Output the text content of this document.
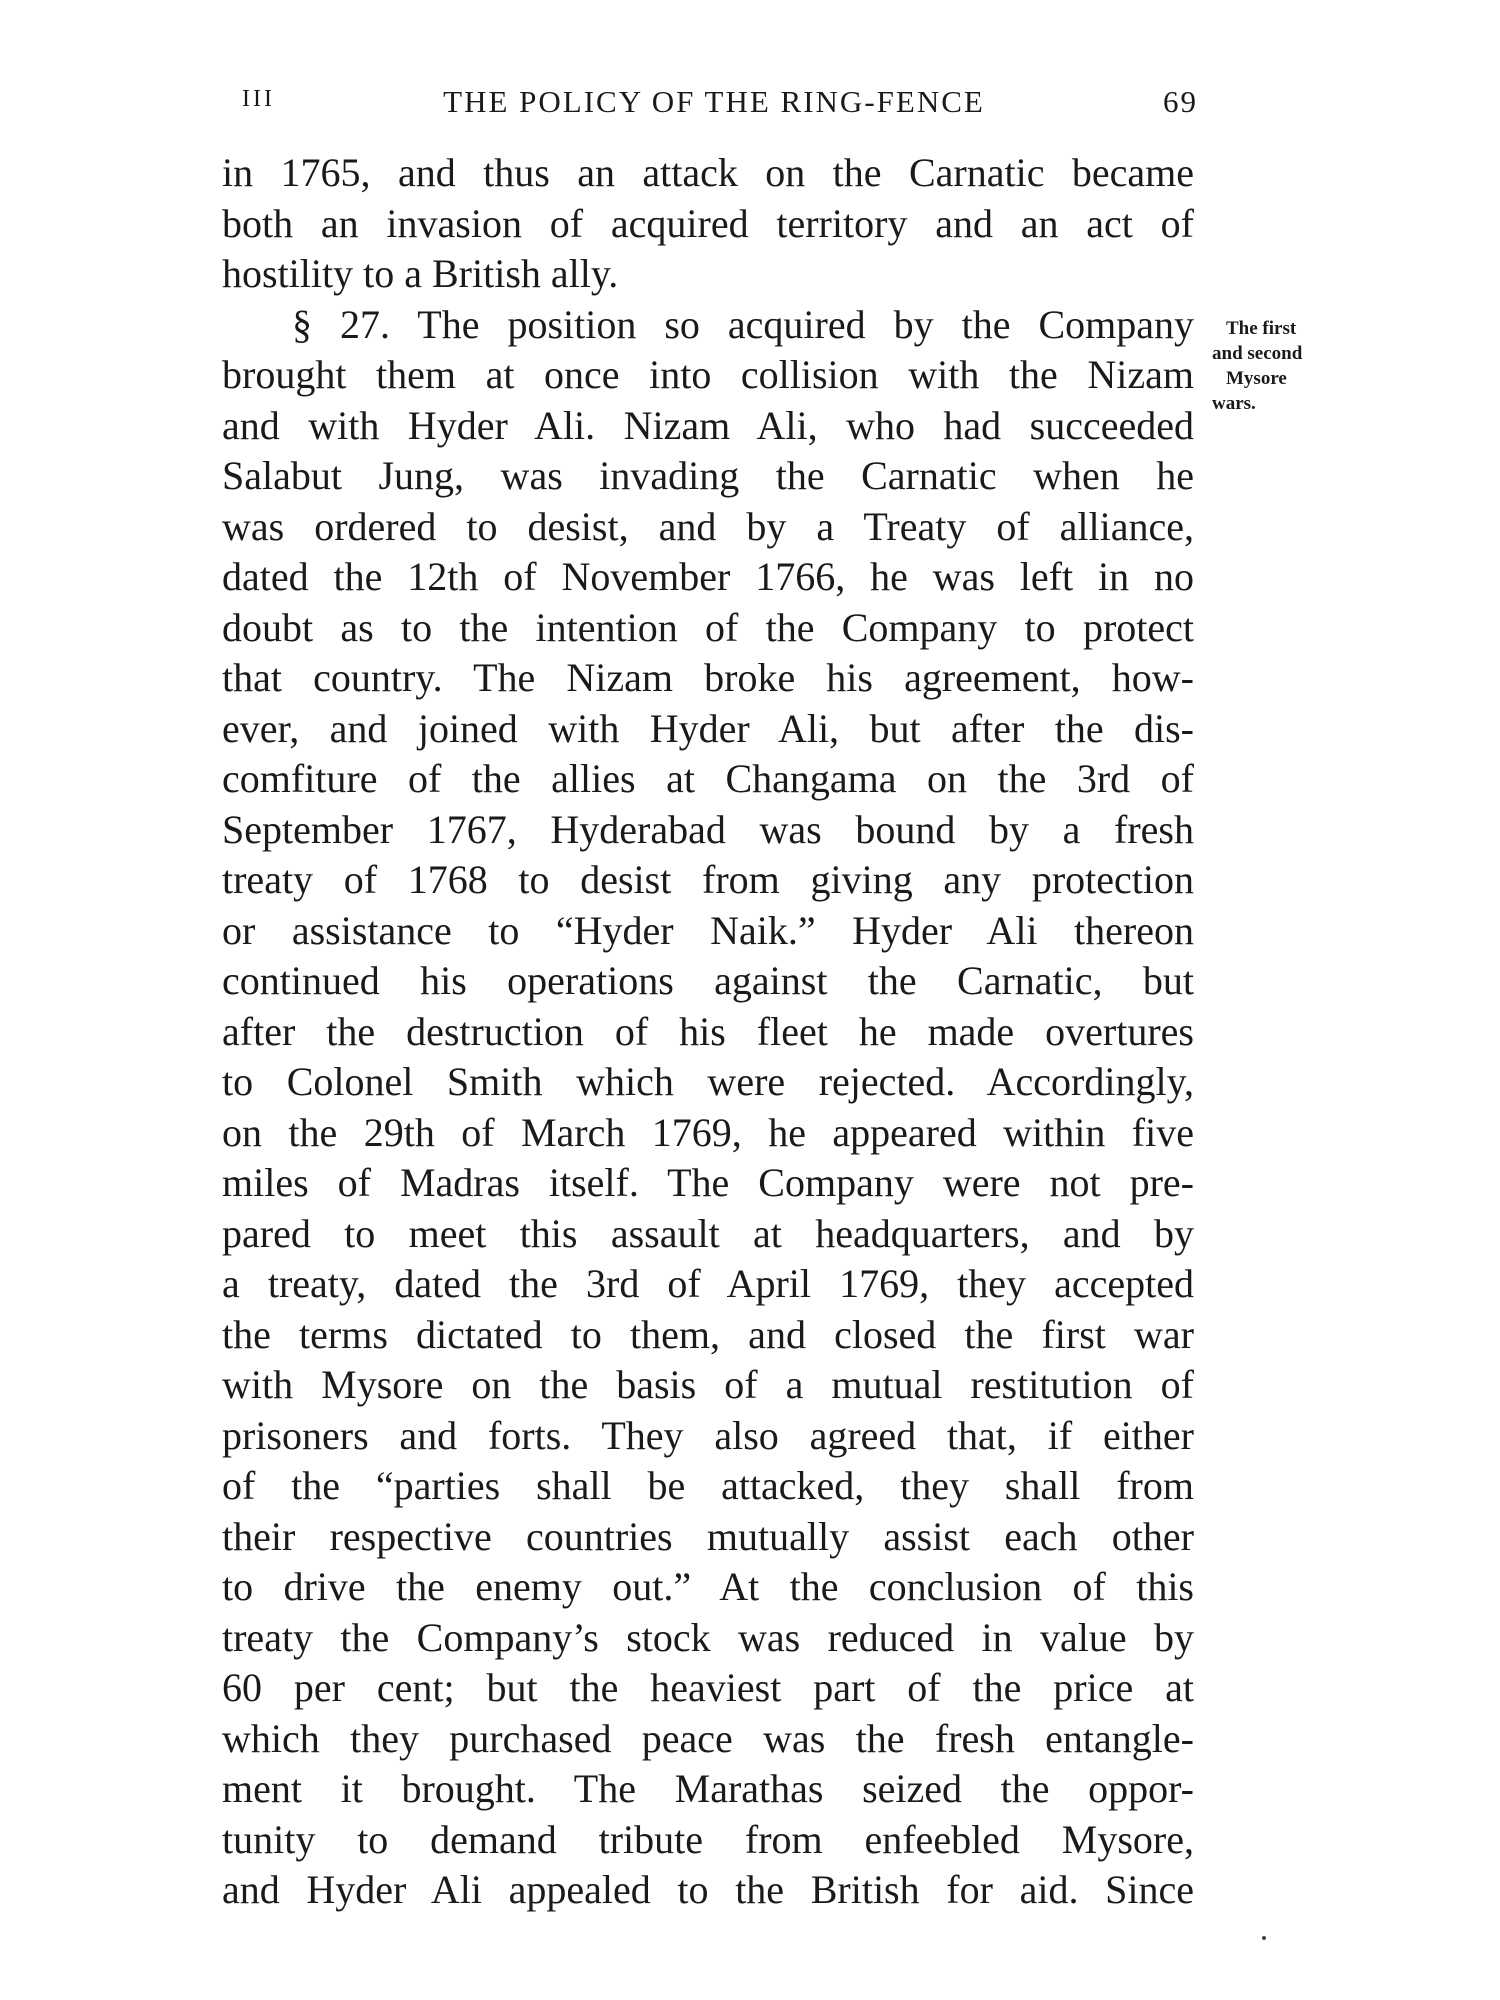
III	THE POLICY OF THE RING-FENCE	69
in 1765, and thus an attack on the Carnatic became
both an invasion of acquired territory and an act of
hostility to a British ally.
§ 27. The position so acquired by the Company
brought them at once into collision with the Nizam
and with Hyder Ali. Nizam Ali, who had succeeded
Salabut Jung, was invading the Carnatic when he
was ordered to desist, and by a Treaty of alliance,
dated the 12th of November 1766, he was left in no
doubt as to the intention of the Company to protect
that country. The Nizam broke his agreement, how-
ever, and joined with Hyder Ali, but after the dis-
comfiture of the allies at Changama on the 3rd of
September 1767, Hyderabad was bound by a fresh
treaty of 1768 to desist from giving any protection
or assistance to “Hyder Naik.” Hyder Ali thereon
continued his operations against the Carnatic, but
after the destruction of his fleet he made overtures
to Colonel Smith which were rejected. Accordingly,
on the 29th of March 1769, he appeared within five
miles of Madras itself. The Company were not pre-
pared to meet this assault at headquarters, and by
a treaty, dated the 3rd of April 1769, they accepted
the terms dictated to them, and closed the first war
with Mysore on the basis of a mutual restitution of
prisoners and forts. They also agreed that, if either
of the “parties shall be attacked, they shall from
their respective countries mutually assist each other
to drive the enemy out.” At the conclusion of this
treaty the Company’s stock was reduced in value by
60 per cent; but the heaviest part of the price at
which they purchased peace was the fresh entangle-
ment it brought. The Marathas seized the oppor-
tunity to demand tribute from enfeebled Mysore,
and Hyder Ali appealed to the British for aid. Since
The first
and second
Mysore
wars.
